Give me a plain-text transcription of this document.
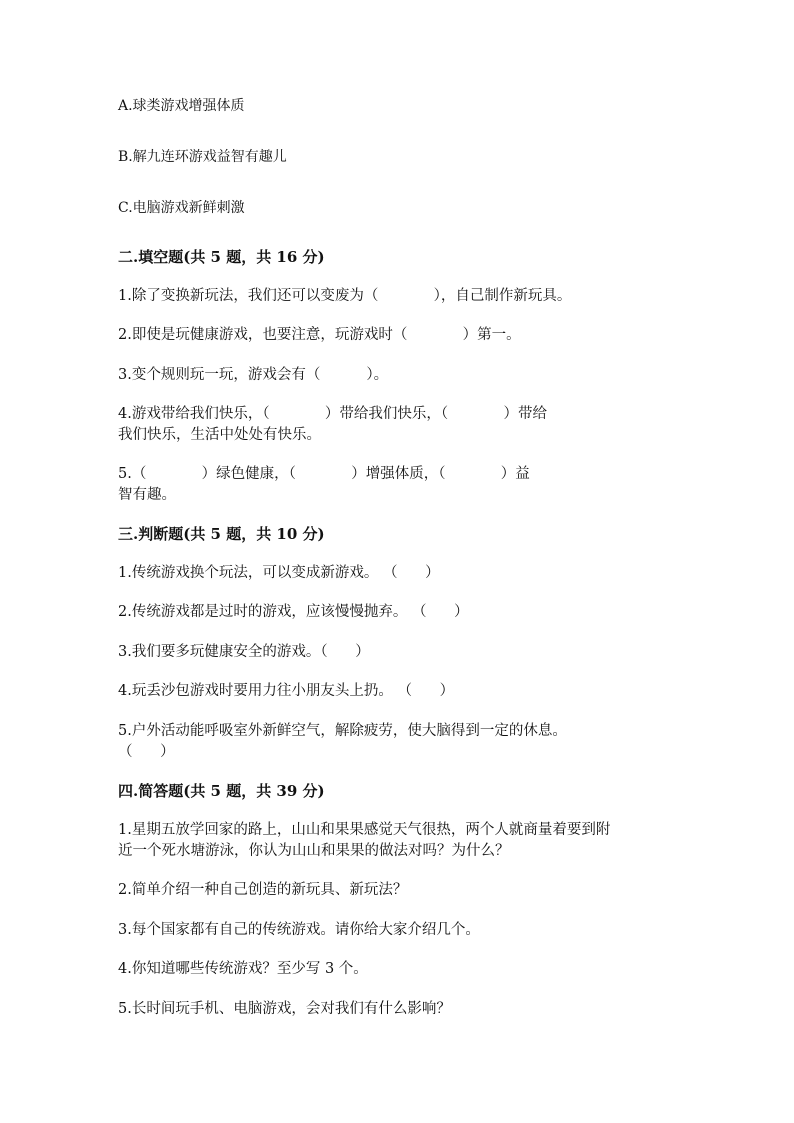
A.球类游戏增强体质
B.解九连环游戏益智有趣儿
C.电脑游戏新鲜刺激
二.填空题(共 5 题，共 16 分)
1.除了变换新玩法，我们还可以变废为（            ），自己制作新玩具。
2.即使是玩健康游戏，也要注意，玩游戏时（            ）第一。
3.变个规则玩一玩，游戏会有（          ）。
4.游戏带给我们快乐，（            ）带给我们快乐，（            ）带给
我们快乐，生活中处处有快乐。
5.（            ）绿色健康，（            ）增强体质，（            ）益
智有趣。
三.判断题(共 5 题，共 10 分)
1.传统游戏换个玩法，可以变成新游戏。 （      ）
2.传统游戏都是过时的游戏，应该慢慢抛弃。 （      ）
3.我们要多玩健康安全的游戏。（      ）
4.玩丢沙包游戏时要用力往小朋友头上扔。 （      ）
5.户外活动能呼吸室外新鲜空气，解除疲劳，使大脑得到一定的休息。
（      ）
四.简答题(共 5 题，共 39 分)
1.星期五放学回家的路上，山山和果果感觉天气很热，两个人就商量着要到附
近一个死水塘游泳，你认为山山和果果的做法对吗？为什么？
2.简单介绍一种自己创造的新玩具、新玩法？
3.每个国家都有自己的传统游戏。请你给大家介绍几个。
4.你知道哪些传统游戏？至少写 3 个。
5.长时间玩手机、电脑游戏，会对我们有什么影响？
